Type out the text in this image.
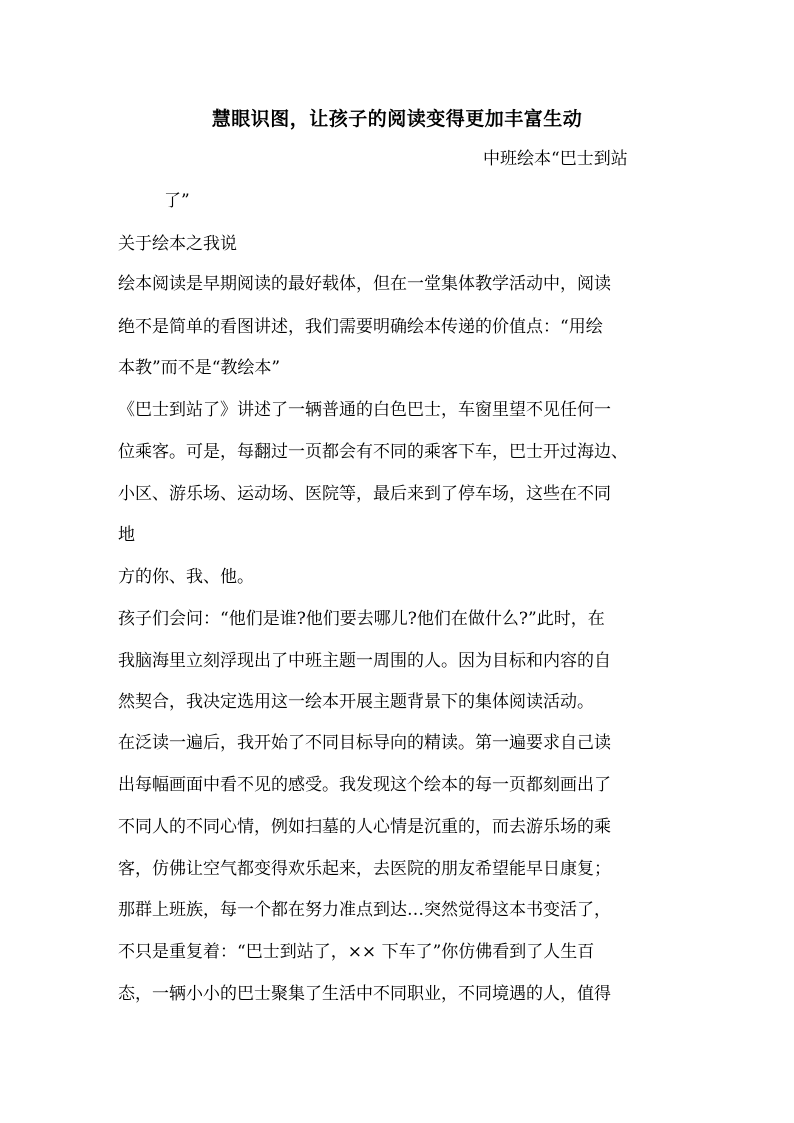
慧眼识图，让孩子的阅读变得更加丰富生动
中班绘本“巴士到站
了”
关于绘本之我说
绘本阅读是早期阅读的最好载体，但在一堂集体教学活动中，阅读
绝不是简单的看图讲述，我们需要明确绘本传递的价值点：“用绘
本教”而不是“教绘本”
《巴士到站了》讲述了一辆普通的白色巴士，车窗里望不见任何一
位乘客。可是，每翻过一页都会有不同的乘客下车，巴士开过海边、
小区、游乐场、运动场、医院等，最后来到了停车场，这些在不同
地
方的你、我、他。
孩子们会问：“他们是谁?他们要去哪儿?他们在做什么?”此时，在
我脑海里立刻浮现出了中班主题一周围的人。因为目标和内容的自
然契合，我决定选用这一绘本开展主题背景下的集体阅读活动。
在泛读一遍后，我开始了不同目标导向的精读。第一遍要求自己读
出每幅画面中看不见的感受。我发现这个绘本的每一页都刻画出了
不同人的不同心情，例如扫墓的人心情是沉重的，而去游乐场的乘
客，仿佛让空气都变得欢乐起来，去医院的朋友希望能早日康复；
那群上班族，每一个都在努力准点到达…突然觉得这本书变活了，
不只是重复着：“巴士到站了，×× 下车了”你仿佛看到了人生百
态，一辆小小的巴士聚集了生活中不同职业，不同境遇的人，值得
